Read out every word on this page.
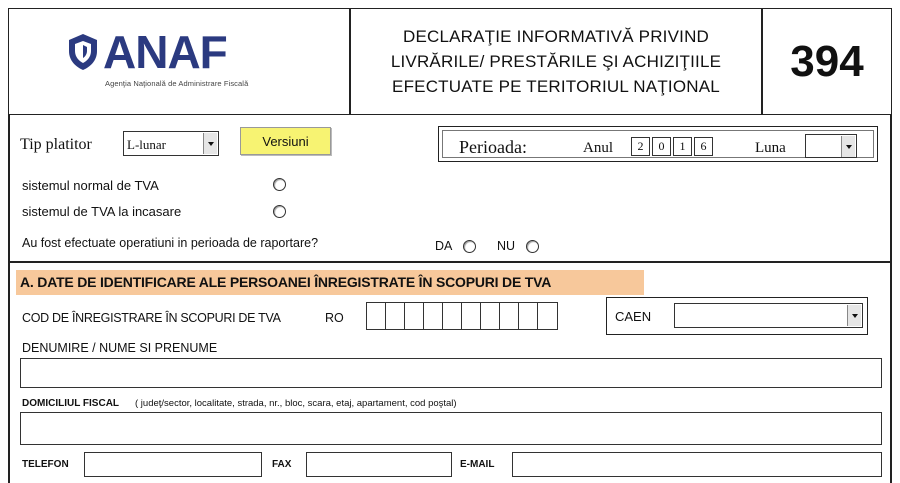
ANAF
Agenţia Naţională de Administrare Fiscală
DECLARAŢIE INFORMATIVĂ PRIVIND
LIVRĂRILE/ PRESTĂRILE ŞI ACHIZIŢIILE
EFECTUATE PE TERITORIUL NAŢIONAL
394
Tip platitor	L-lunar	Versiuni	Perioada:	Anul	2	0	1	6	Luna
sistemul normal de TVA
sistemul de TVA la incasare
Au fost efectuate operatiuni in perioada de raportare?	DA	NU
A. DATE DE IDENTIFICARE ALE PERSOANEI ÎNREGISTRATE ÎN SCOPURI DE TVA
COD DE ÎNREGISTRARE ÎN SCOPURI DE TVA	RO	CAEN
DENUMIRE / NUME SI PRENUME
DOMICILIUL FISCAL ( judeţ/sector, localitate, strada, nr., bloc, scara, etaj, apartament, cod poştal)
TELEFON	FAX	E-MAIL
